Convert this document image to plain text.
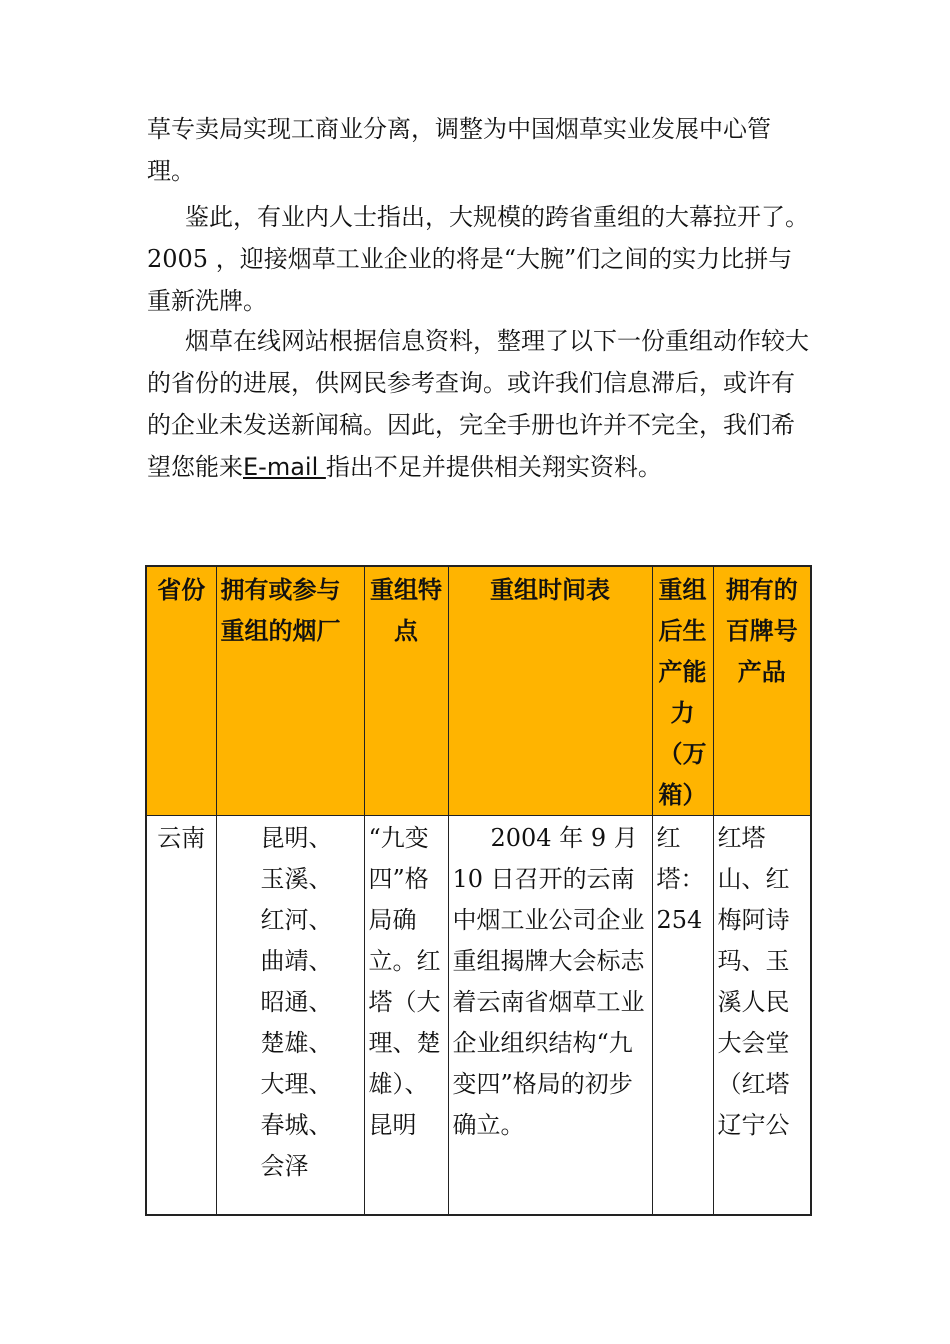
草专卖局实现工商业分离，调整为中国烟草实业发展中心管理。

鉴此，有业内人士指出，大规模的跨省重组的大幕拉开了。 2005 ，迎接烟草工业企业的将是“大腕”们之间的实力比拼与重新洗牌。

烟草在线网站根据信息资料，整理了以下一份重组动作较大的省份的进展，供网民参考查询。或许我们信息滞后，或许有的企业未发送新闻稿。因此，完全手册也许并不完全，我们希望您能来E-mail 指出不足并提供相关翔实资料。

省份	拥有或参与重组的烟厂	重组特点	重组时间表	重组后生产能力（万箱）	拥有的百牌号产品
云南	昆明、玉溪、红河、曲靖、昭通、楚雄、大理、春城、会泽	“九变四”格局确立。红塔（大理、楚雄）、昆明	2004 年 9 月 10 日召开的云南中烟工业公司企业重组揭牌大会标志着云南省烟草工业企业组织结构“九变四”格局的初步确立。	红塔：254	红塔山、红梅阿诗玛、玉溪人民大会堂（红塔辽宁公
